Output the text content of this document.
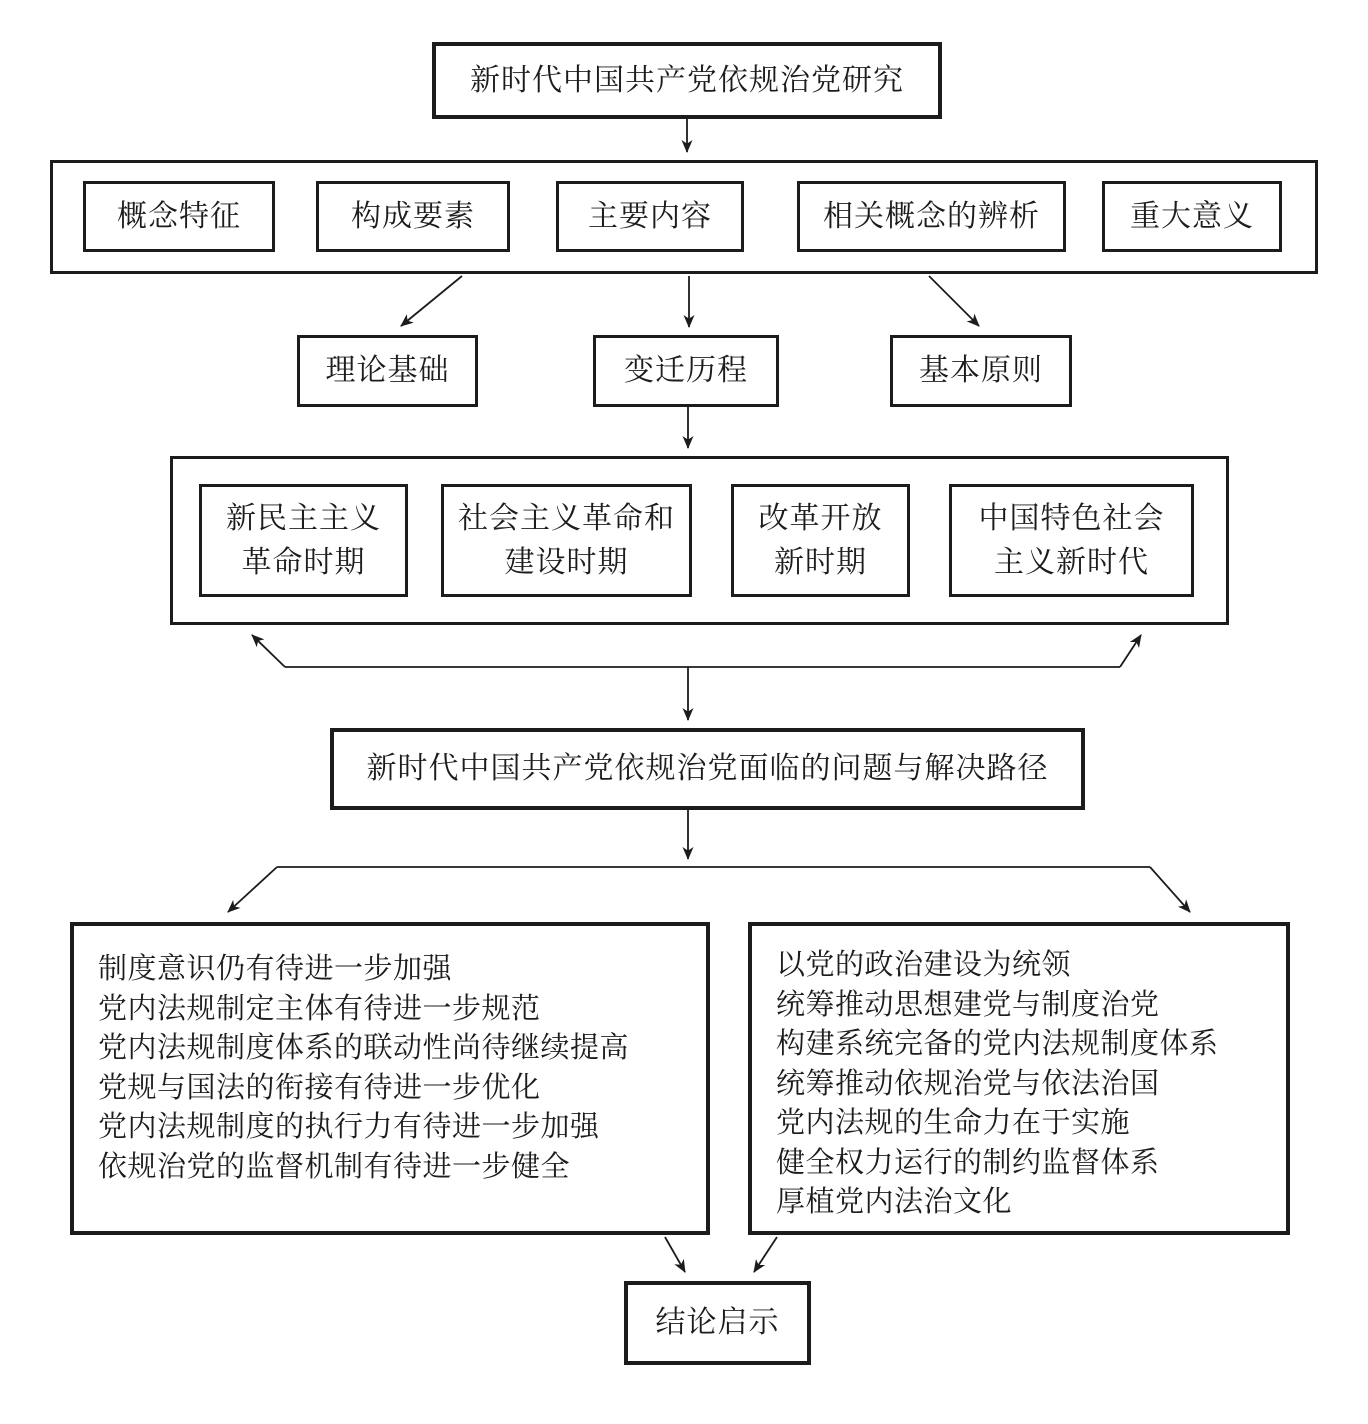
新时代中国共产党依规治党研究
概念特征	构成要素	主要内容	相关概念的辨析	重大意义
理论基础	变迁历程	基本原则
新民主主义
革命时期
社会主义革命和
建设时期
改革开放
新时期
中国特色社会
主义新时代
新时代中国共产党依规治党面临的问题与解决路径
制度意识仍有待进一步加强
党内法规制定主体有待进一步规范
党内法规制度体系的联动性尚待继续提高
党规与国法的衔接有待进一步优化
党内法规制度的执行力有待进一步加强
依规治党的监督机制有待进一步健全
以党的政治建设为统领
统筹推动思想建党与制度治党
构建系统完备的党内法规制度体系
统筹推动依规治党与依法治国
党内法规的生命力在于实施
健全权力运行的制约监督体系
厚植党内法治文化
结论启示
